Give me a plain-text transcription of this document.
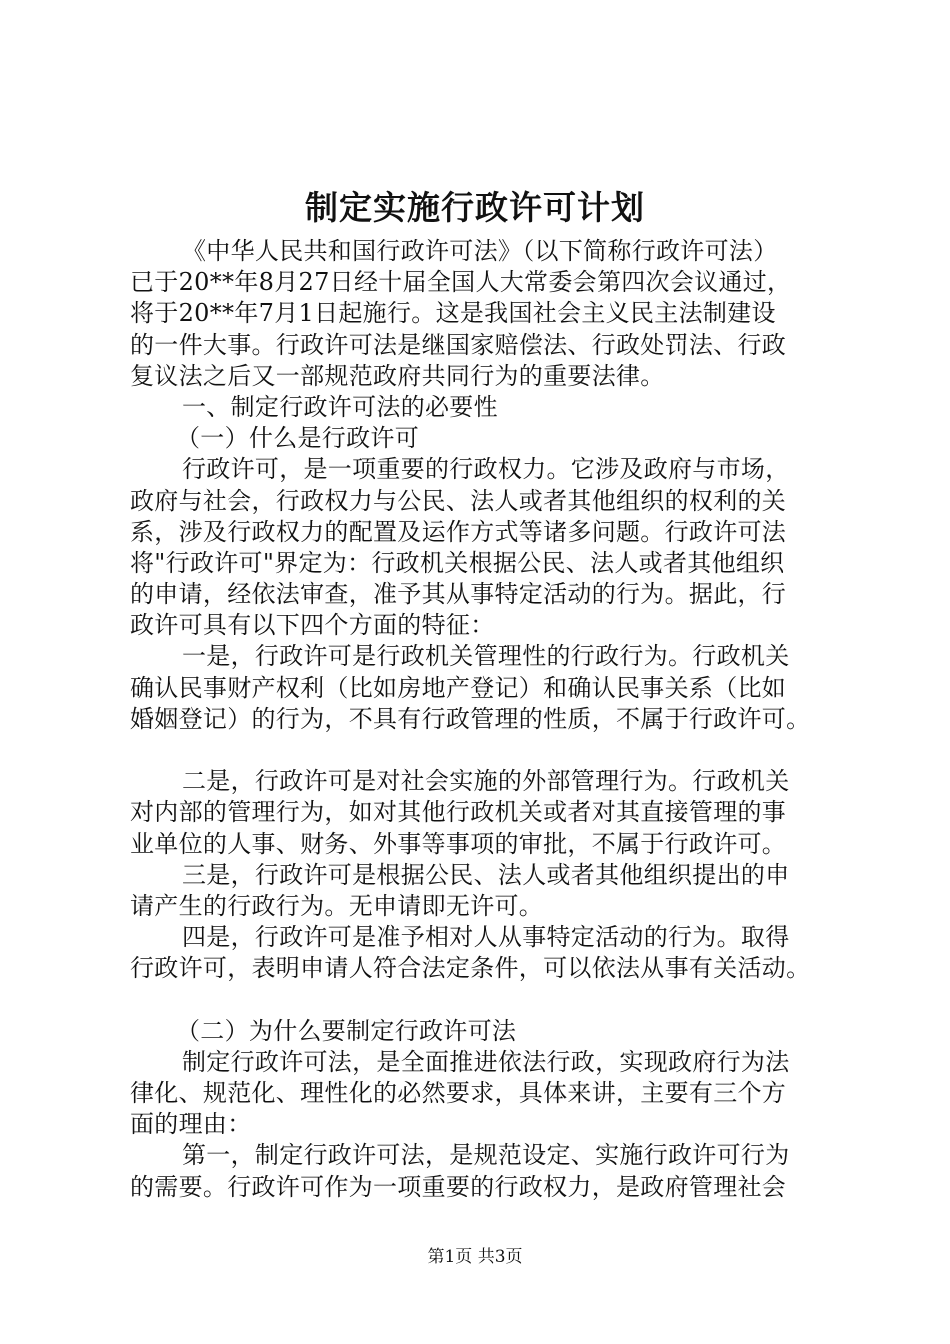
制定实施行政许可计划
《中华人民共和国行政许可法》（以下简称行政许可法）
已于20**年8月27日经十届全国人大常委会第四次会议通过，
将于20**年7月1日起施行。这是我国社会主义民主法制建设
的一件大事。行政许可法是继国家赔偿法、行政处罚法、行政
复议法之后又一部规范政府共同行为的重要法律。
一、制定行政许可法的必要性
（一）什么是行政许可
行政许可，是一项重要的行政权力。它涉及政府与市场，
政府与社会，行政权力与公民、法人或者其他组织的权利的关
系，涉及行政权力的配置及运作方式等诸多问题。行政许可法
将"行政许可"界定为：行政机关根据公民、法人或者其他组织
的申请，经依法审查，准予其从事特定活动的行为。据此，行
政许可具有以下四个方面的特征：
一是，行政许可是行政机关管理性的行政行为。行政机关
确认民事财产权利（比如房地产登记）和确认民事关系（比如
婚姻登记）的行为，不具有行政管理的性质，不属于行政许可。
二是，行政许可是对社会实施的外部管理行为。行政机关
对内部的管理行为，如对其他行政机关或者对其直接管理的事
业单位的人事、财务、外事等事项的审批，不属于行政许可。
三是，行政许可是根据公民、法人或者其他组织提出的申
请产生的行政行为。无申请即无许可。
四是，行政许可是准予相对人从事特定活动的行为。取得
行政许可，表明申请人符合法定条件，可以依法从事有关活动。
（二）为什么要制定行政许可法
制定行政许可法，是全面推进依法行政，实现政府行为法
律化、规范化、理性化的必然要求，具体来讲，主要有三个方
面的理由：
第一，制定行政许可法，是规范设定、实施行政许可行为
的需要。行政许可作为一项重要的行政权力，是政府管理社会
第1页 共3页
